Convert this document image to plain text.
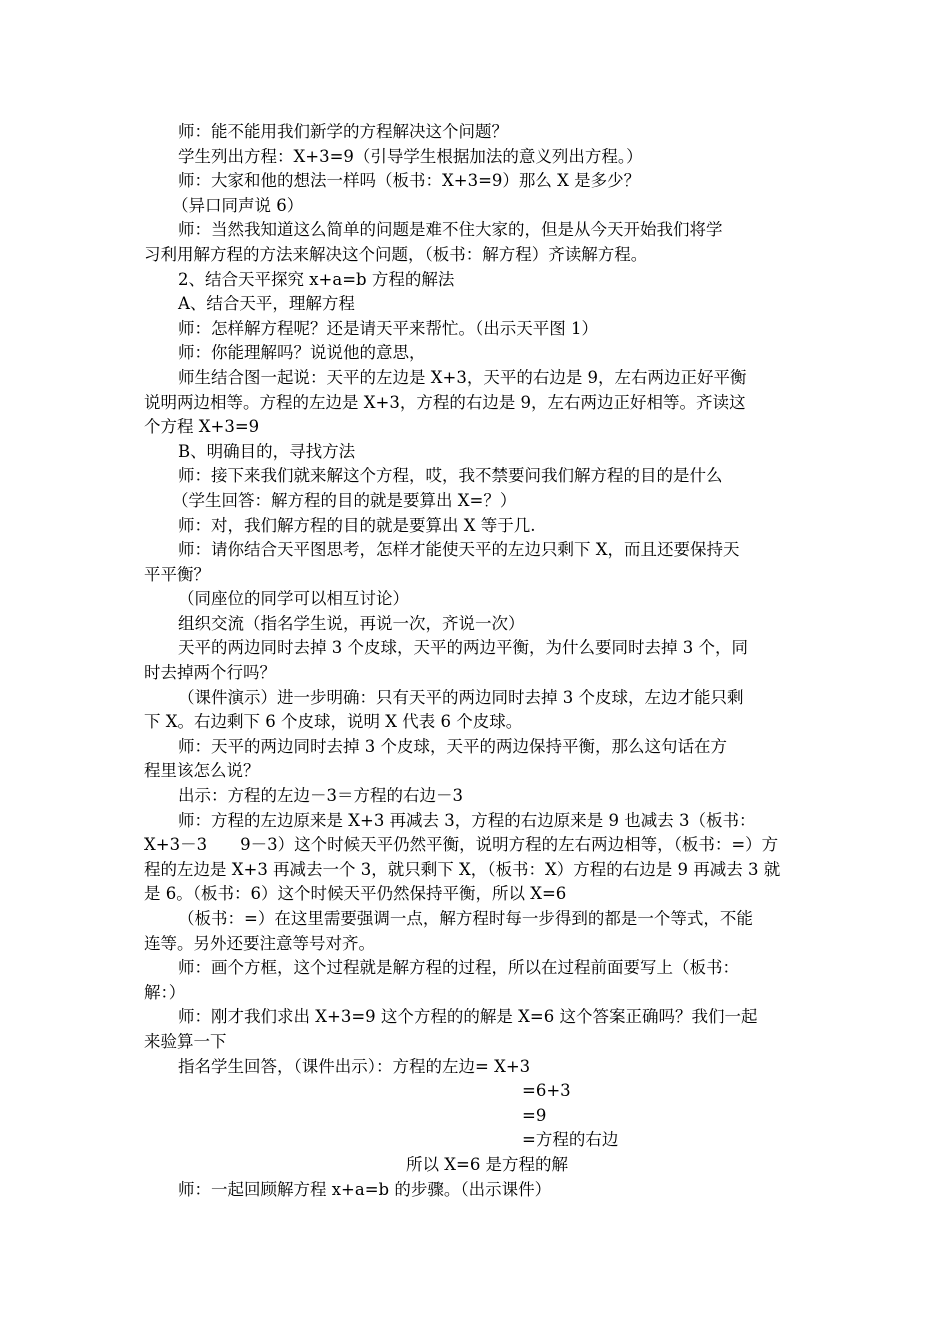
师：能不能用我们新学的方程解决这个问题？
学生列出方程：X+3=9（引导学生根据加法的意义列出方程。）
师：大家和他的想法一样吗（板书：X+3=9）那么 X 是多少？
（异口同声说 6）
师：当然我知道这么简单的问题是难不住大家的，但是从今天开始我们将学
习利用解方程的方法来解决这个问题，（板书：解方程）齐读解方程。
2、结合天平探究 x+a=b 方程的解法
A、结合天平，理解方程
师：怎样解方程呢？还是请天平来帮忙。（出示天平图 1）
师：你能理解吗？说说他的意思，
师生结合图一起说：天平的左边是 X+3，天平的右边是 9，左右两边正好平衡
说明两边相等。方程的左边是 X+3，方程的右边是 9，左右两边正好相等。齐读这
个方程 X+3=9
B、明确目的，寻找方法
师：接下来我们就来解这个方程，哎，我不禁要问我们解方程的目的是什么
（学生回答：解方程的目的就是要算出 X=？）
师：对，我们解方程的目的就是要算出 X 等于几.
师：请你结合天平图思考，怎样才能使天平的左边只剩下 X，而且还要保持天
平平衡？
（同座位的同学可以相互讨论）
组织交流（指名学生说，再说一次，齐说一次）
天平的两边同时去掉 3 个皮球，天平的两边平衡，为什么要同时去掉 3 个，同
时去掉两个行吗？
（课件演示）进一步明确：只有天平的两边同时去掉 3 个皮球，左边才能只剩
下 X。右边剩下 6 个皮球，说明 X 代表 6 个皮球。
师：天平的两边同时去掉 3 个皮球，天平的两边保持平衡，那么这句话在方
程里该怎么说？
出示：方程的左边－3＝方程的右边－3
师：方程的左边原来是 X+3 再减去 3，方程的右边原来是 9 也减去 3（板书：
X+3－3　　9－3）这个时候天平仍然平衡，说明方程的左右两边相等，（板书：=）方
程的左边是 X+3 再减去一个 3，就只剩下 X，（板书：X）方程的右边是 9 再减去 3 就
是 6。（板书：6）这个时候天平仍然保持平衡，所以 X=6
（板书：=）在这里需要强调一点，解方程时每一步得到的都是一个等式，不能
连等。另外还要注意等号对齐。
师：画个方框，这个过程就是解方程的过程，所以在过程前面要写上（板书：
解：）
师：刚才我们求出 X+3=9 这个方程的的解是 X=6 这个答案正确吗？我们一起
来验算一下
指名学生回答，（课件出示）：方程的左边= X+3
=6+3
=9
=方程的右边
所以 X=6 是方程的解
师：一起回顾解方程 x+a=b 的步骤。（出示课件）
